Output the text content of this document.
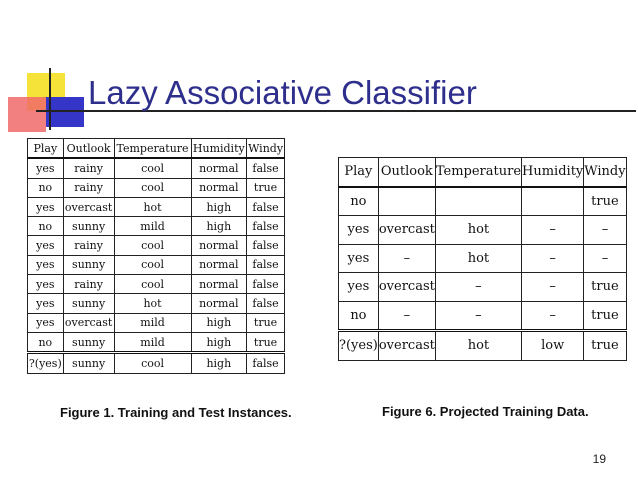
Lazy Associative Classifier
Play	Outlook	Temperature	Humidity	Windy
yes	rainy	cool	normal	false
no	rainy	cool	normal	true
yes	overcast	hot	high	false
no	sunny	mild	high	false
yes	rainy	cool	normal	false
yes	sunny	cool	normal	false
yes	rainy	cool	normal	false
yes	sunny	hot	normal	false
yes	overcast	mild	high	true
no	sunny	mild	high	true
?(yes)	sunny	cool	high	false
Figure 1. Training and Test Instances.
Play	Outlook	Temperature	Humidity	Windy
no				true
yes	overcast	hot	–	–
yes	–	hot	–	–
yes	overcast	–	–	true
no	–	–	–	true
?(yes)	overcast	hot	low	true
Figure 6. Projected Training Data.
19
